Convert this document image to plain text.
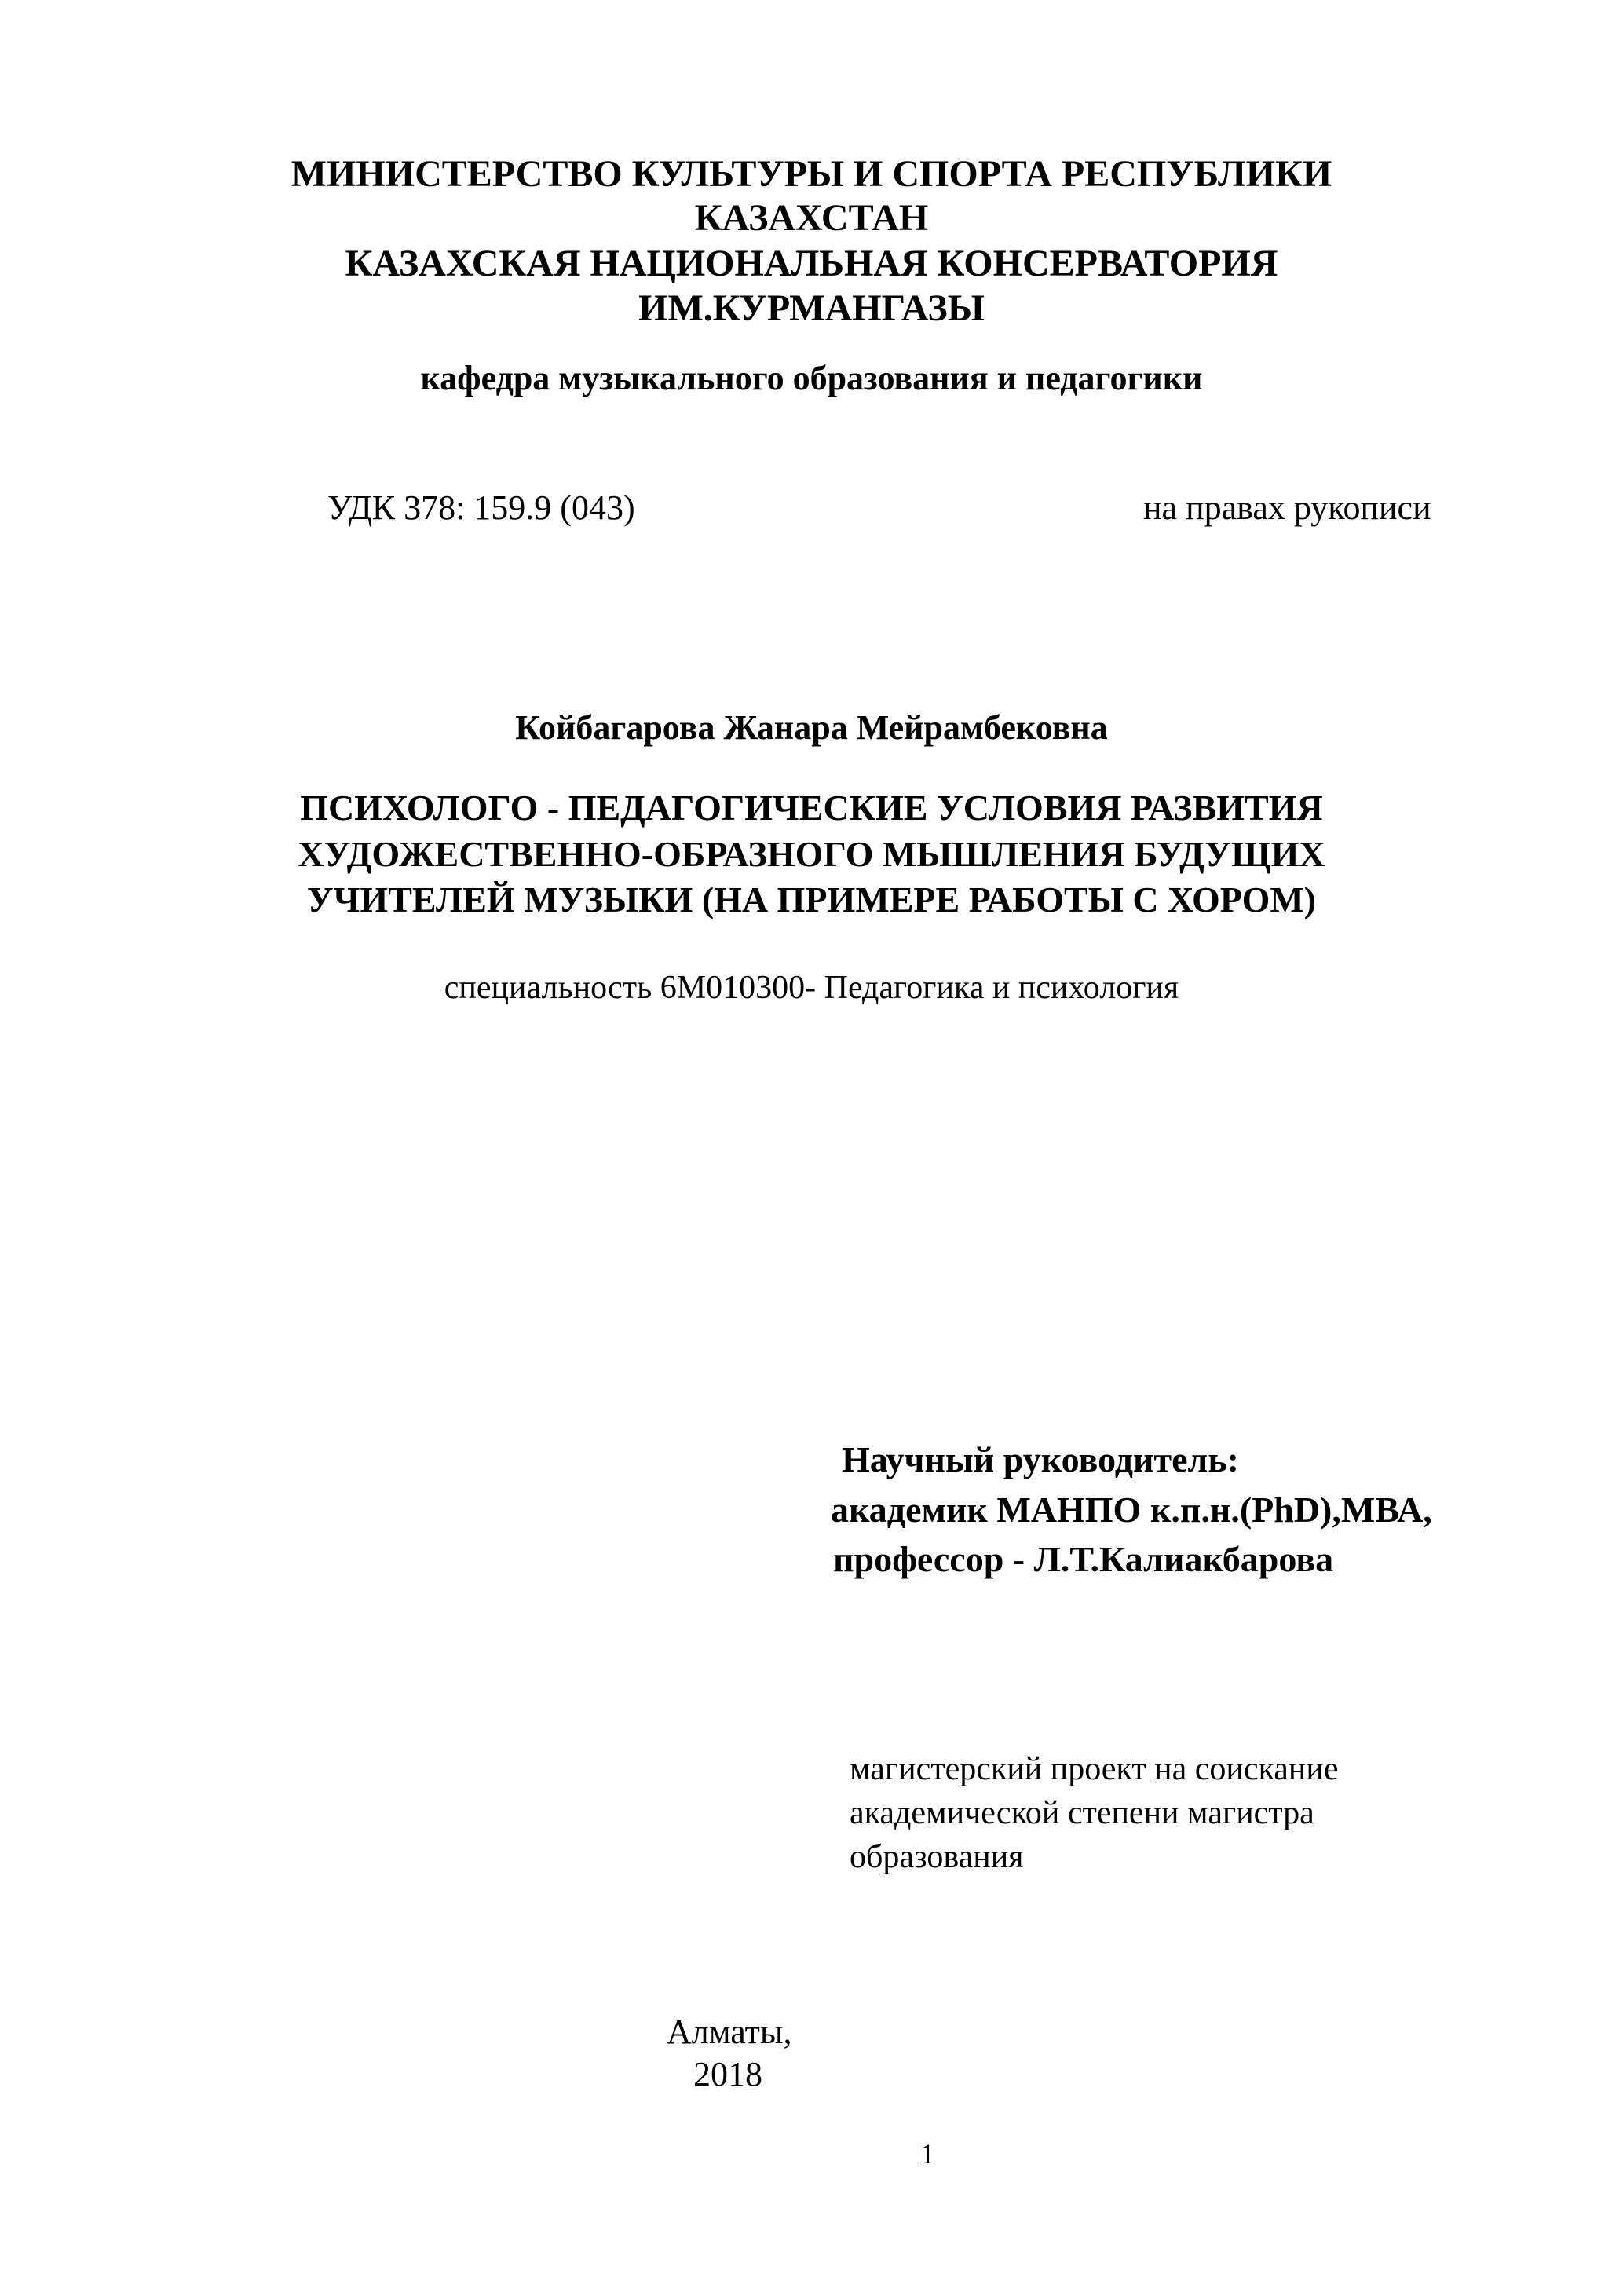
МИНИСТЕРСТВО КУЛЬТУРЫ И СПОРТА РЕСПУБЛИКИ
КАЗАХСТАН
КАЗАХСКАЯ НАЦИОНАЛЬНАЯ КОНСЕРВАТОРИЯ
ИМ.КУРМАНГАЗЫ
кафедра музыкального образования и педагогики
УДК 378: 159.9 (043)	на правах рукописи
Койбагарова Жанара Мейрамбековна
ПСИХОЛОГО - ПЕДАГОГИЧЕСКИЕ УСЛОВИЯ РАЗВИТИЯ
ХУДОЖЕСТВЕННО-ОБРАЗНОГО МЫШЛЕНИЯ БУДУЩИХ
УЧИТЕЛЕЙ МУЗЫКИ (НА ПРИМЕРЕ РАБОТЫ С ХОРОМ)
специальность 6М010300- Педагогика и психология
Научный руководитель:
академик МАНПО к.п.н.(PhD),МВА,
профессор - Л.Т.Калиакбарова
магистерский проект на соискание
академической степени магистра
образования
Алматы,
2018
1
